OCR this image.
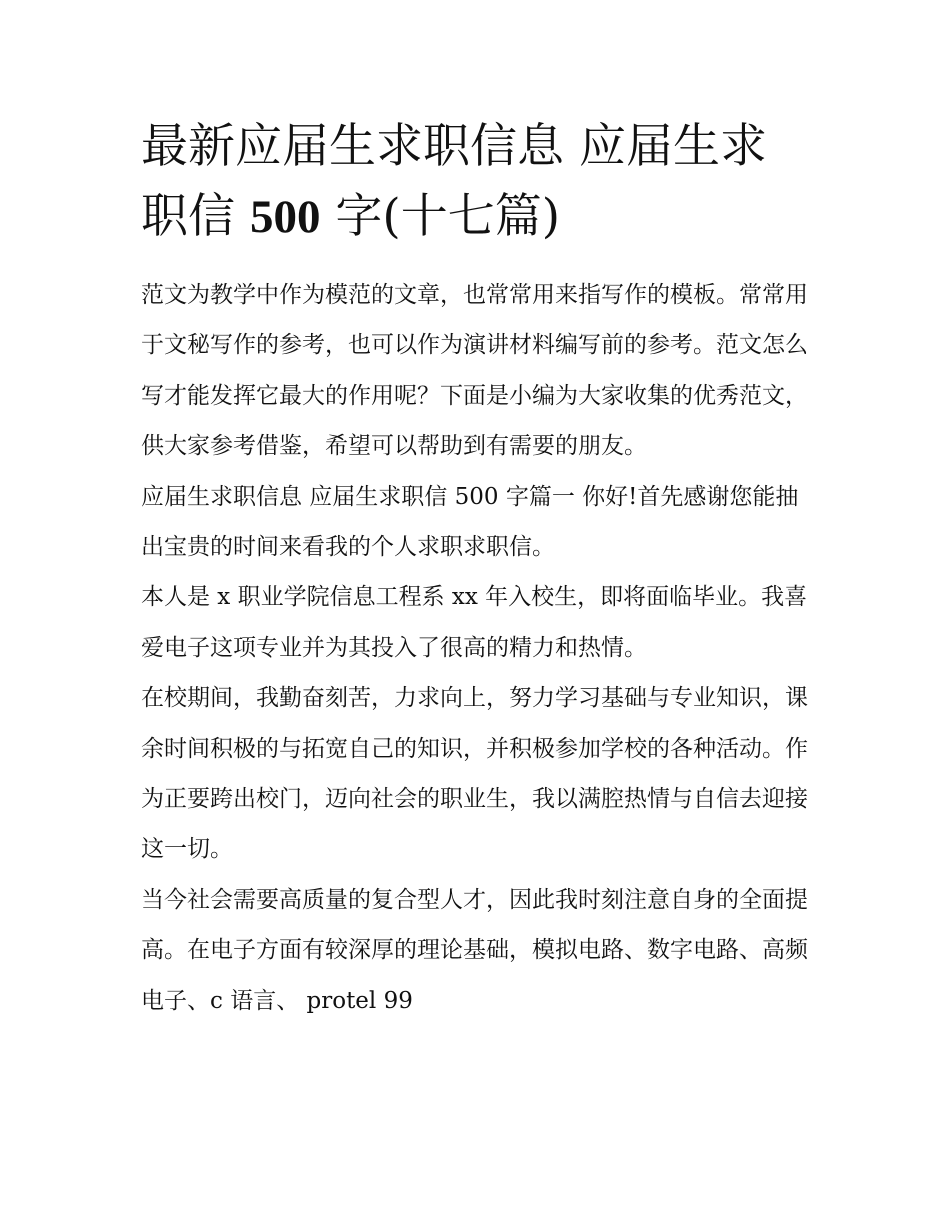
最新应届生求职信息 应届生求职信 500 字(十七篇)

范文为教学中作为模范的文章，也常常用来指写作的模板。常常用于文秘写作的参考，也可以作为演讲材料编写前的参考。范文怎么写才能发挥它最大的作用呢？下面是小编为大家收集的优秀范文，供大家参考借鉴，希望可以帮助到有需要的朋友。

应届生求职信息 应届生求职信 500 字篇一 你好!首先感谢您能抽出宝贵的时间来看我的个人求职求职信。

本人是 x 职业学院信息工程系 xx 年入校生，即将面临毕业。我喜爱电子这项专业并为其投入了很高的精力和热情。

在校期间，我勤奋刻苦，力求向上，努力学习基础与专业知识，课余时间积极的与拓宽自己的知识，并积极参加学校的各种活动。作为正要跨出校门，迈向社会的职业生，我以满腔热情与自信去迎接这一切。

当今社会需要高质量的复合型人才，因此我时刻注意自身的全面提高。在电子方面有较深厚的理论基础，模拟电路、数字电路、高频电子、c 语言、 protel 99
